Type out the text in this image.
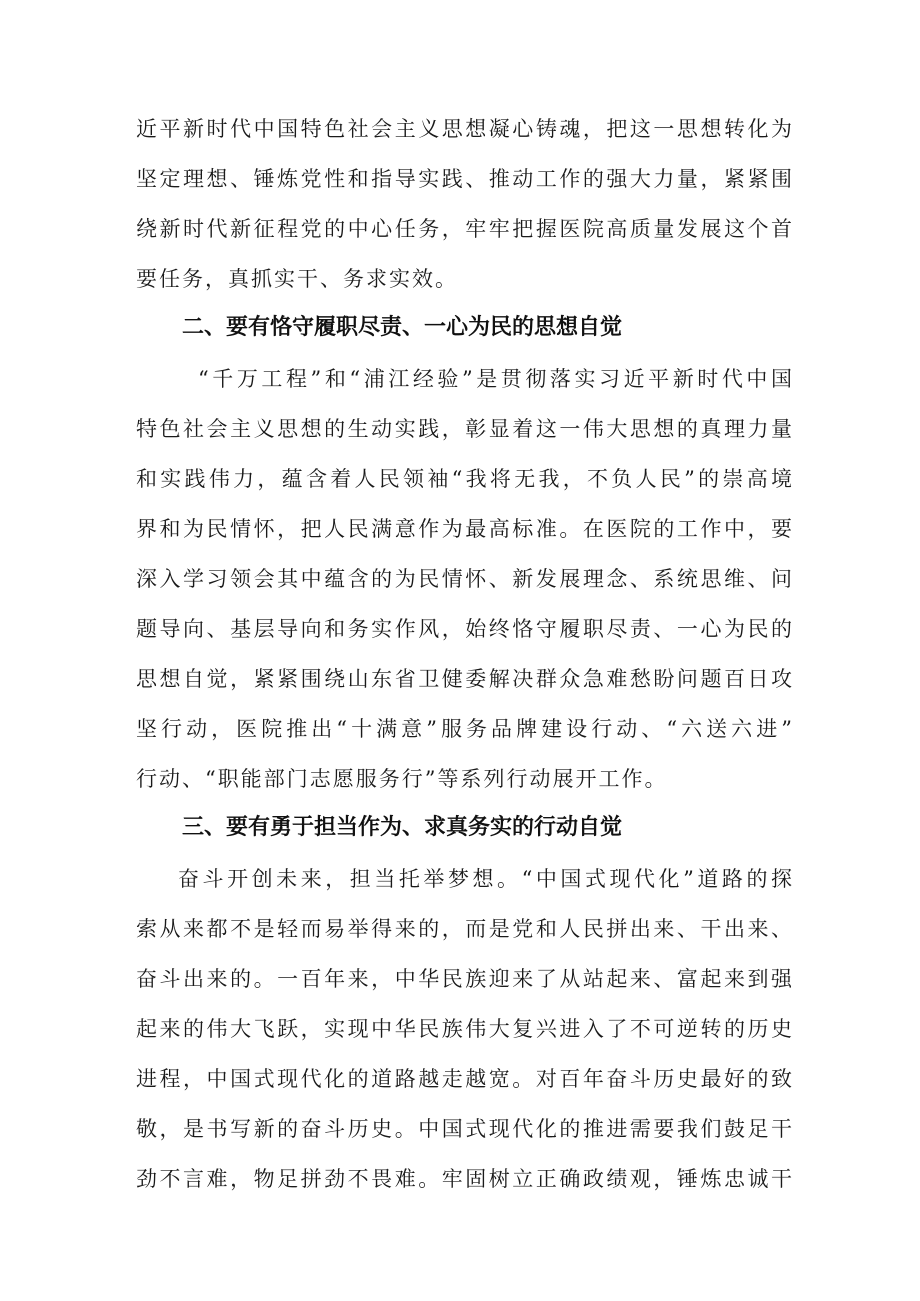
近平新时代中国特色社会主义思想凝心铸魂，把这一思想转化为
坚定理想、锤炼党性和指导实践、推动工作的强大力量，紧紧围
绕新时代新征程党的中心任务，牢牢把握医院高质量发展这个首
要任务，真抓实干、务求实效。
二、要有恪守履职尽责、一心为民的思想自觉
“千万工程”和“浦江经验”是贯彻落实习近平新时代中国
特色社会主义思想的生动实践，彰显着这一伟大思想的真理力量
和实践伟力，蕴含着人民领袖“我将无我，不负人民”的崇高境
界和为民情怀，把人民满意作为最高标准。在医院的工作中，要
深入学习领会其中蕴含的为民情怀、新发展理念、系统思维、问
题导向、基层导向和务实作风，始终恪守履职尽责、一心为民的
思想自觉，紧紧围绕山东省卫健委解决群众急难愁盼问题百日攻
坚行动，医院推出“十满意”服务品牌建设行动、“六送六进”
行动、“职能部门志愿服务行”等系列行动展开工作。
三、要有勇于担当作为、求真务实的行动自觉
奋斗开创未来，担当托举梦想。“中国式现代化”道路的探
索从来都不是轻而易举得来的，而是党和人民拼出来、干出来、
奋斗出来的。一百年来，中华民族迎来了从站起来、富起来到强
起来的伟大飞跃，实现中华民族伟大复兴进入了不可逆转的历史
进程，中国式现代化的道路越走越宽。对百年奋斗历史最好的致
敬，是书写新的奋斗历史。中国式现代化的推进需要我们鼓足干
劲不言难，物足拼劲不畏难。牢固树立正确政绩观，锤炼忠诚干
